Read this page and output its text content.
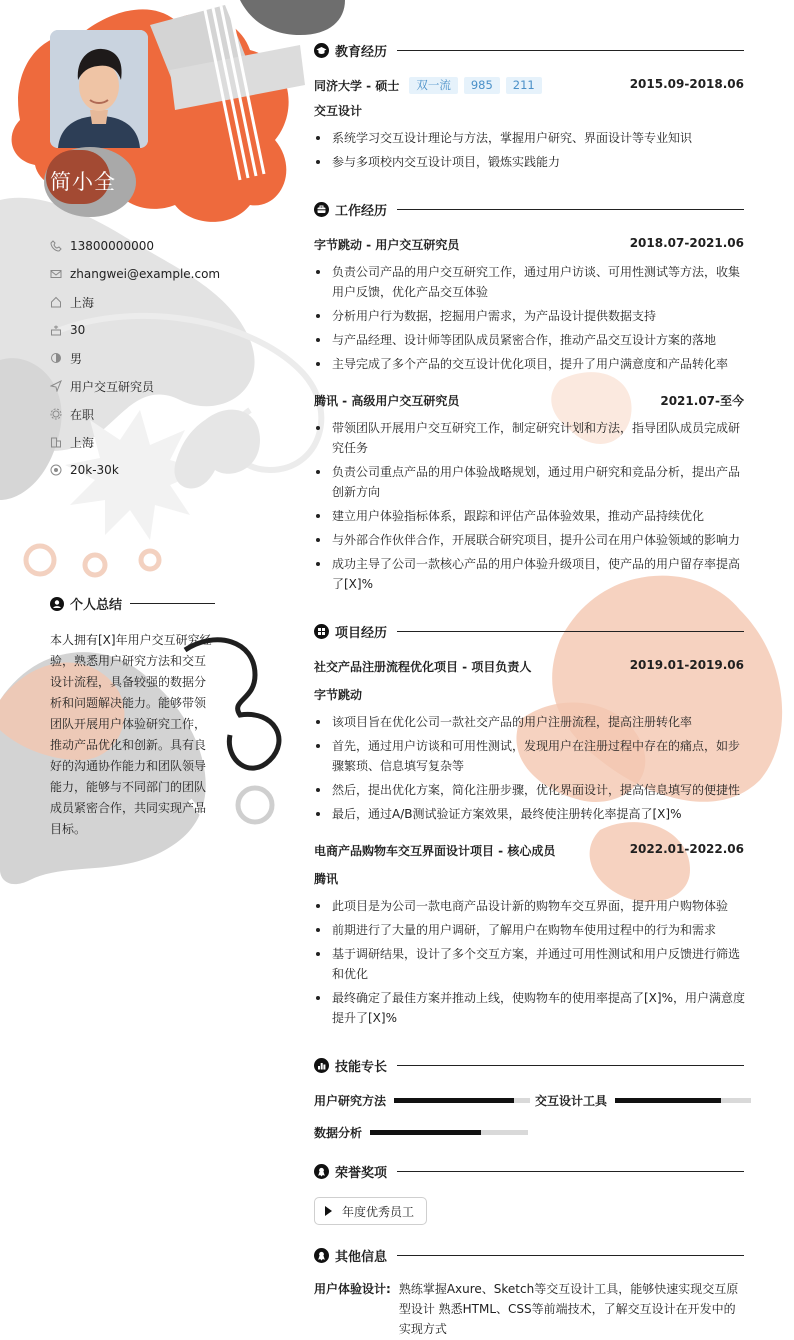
简小全
13800000000
zhangwei@example.com
上海
30
男
用户交互研究员
在职
上海
20k-30k
个人总结
本人拥有[X]年用户交互研究经验，熟悉用户研究方法和交互设计流程，具备较强的数据分析和问题解决能力。能够带领团队开展用户体验研究工作，推动产品优化和创新。具有良好的沟通协作能力和团队领导能力，能够与不同部门的团队成员紧密合作，共同实现产品目标。
教育经历
同济大学 - 硕士	双一流	985	211	2015.09-2018.06
交互设计
系统学习交互设计理论与方法，掌握用户研究、界面设计等专业知识
参与多项校内交互设计项目，锻炼实践能力
工作经历
字节跳动 - 用户交互研究员	2018.07-2021.06
负责公司产品的用户交互研究工作，通过用户访谈、可用性测试等方法，收集用户反馈，优化产品交互体验
分析用户行为数据，挖掘用户需求，为产品设计提供数据支持
与产品经理、设计师等团队成员紧密合作，推动产品交互设计方案的落地
主导完成了多个产品的交互设计优化项目，提升了用户满意度和产品转化率
腾讯 - 高级用户交互研究员	2021.07-至今
带领团队开展用户交互研究工作，制定研究计划和方法，指导团队成员完成研究任务
负责公司重点产品的用户体验战略规划，通过用户研究和竞品分析，提出产品创新方向
建立用户体验指标体系，跟踪和评估产品体验效果，推动产品持续优化
与外部合作伙伴合作，开展联合研究项目，提升公司在用户体验领域的影响力
成功主导了公司一款核心产品的用户体验升级项目，使产品的用户留存率提高了[X]%
项目经历
社交产品注册流程优化项目 - 项目负责人	2019.01-2019.06
字节跳动
该项目旨在优化公司一款社交产品的用户注册流程，提高注册转化率
首先，通过用户访谈和可用性测试，发现用户在注册过程中存在的痛点，如步骤繁琐、信息填写复杂等
然后，提出优化方案，简化注册步骤，优化界面设计，提高信息填写的便捷性
最后，通过A/B测试验证方案效果，最终使注册转化率提高了[X]%
电商产品购物车交互界面设计项目 - 核心成员	2022.01-2022.06
腾讯
此项目是为公司一款电商产品设计新的购物车交互界面，提升用户购物体验
前期进行了大量的用户调研，了解用户在购物车使用过程中的行为和需求
基于调研结果，设计了多个交互方案，并通过可用性测试和用户反馈进行筛选和优化
最终确定了最佳方案并推动上线，使购物车的使用率提高了[X]%，用户满意度提升了[X]%
技能专长
用户研究方法	交互设计工具
数据分析
荣誉奖项
年度优秀员工
其他信息
用户体验设计: 熟练掌握Axure、Sketch等交互设计工具，能够快速实现交互原型设计 熟悉HTML、CSS等前端技术，了解交互设计在开发中的实现方式
